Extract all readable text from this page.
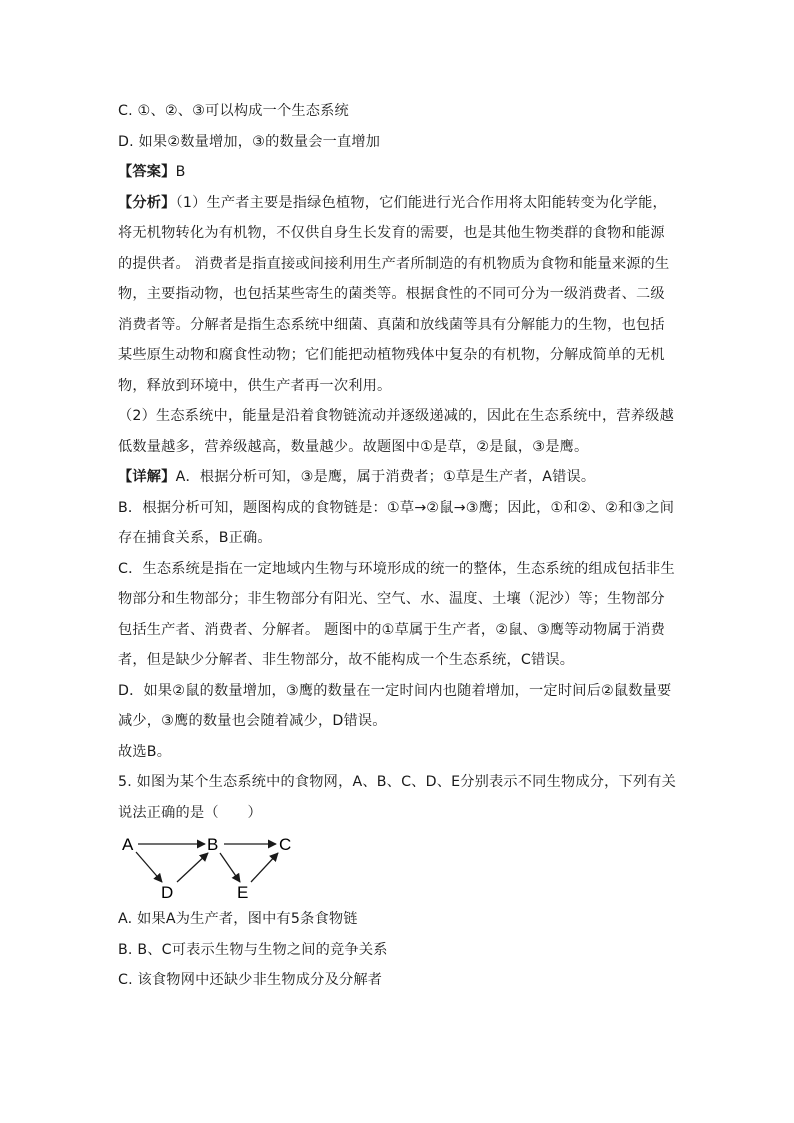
C. ①、②、③可以构成一个生态系统

D. 如果②数量增加，③的数量会一直增加

【答案】B

【分析】（1）生产者主要是指绿色植物，它们能进行光合作用将太阳能转变为化学能，将无机物转化为有机物，不仅供自身生长发育的需要，也是其他生物类群的食物和能源的提供者。 消费者是指直接或间接利用生产者所制造的有机物质为食物和能量来源的生物，主要指动物，也包括某些寄生的菌类等。根据食性的不同可分为一级消费者、二级消费者等。分解者是指生态系统中细菌、真菌和放线菌等具有分解能力的生物，也包括某些原生动物和腐食性动物；它们能把动植物残体中复杂的有机物，分解成简单的无机物，释放到环境中，供生产者再一次利用。

（2）生态系统中，能量是沿着食物链流动并逐级递减的，因此在生态系统中，营养级越低数量越多，营养级越高，数量越少。故题图中①是草，②是鼠，③是鹰。

【详解】A．根据分析可知，③是鹰，属于消费者；①草是生产者，A错误。

B．根据分析可知，题图构成的食物链是：①草→②鼠→③鹰；因此，①和②、②和③之间存在捕食关系，B正确。

C．生态系统是指在一定地域内生物与环境形成的统一的整体，生态系统的组成包括非生物部分和生物部分；非生物部分有阳光、空气、水、温度、土壤（泥沙）等；生物部分包括生产者、消费者、分解者。 题图中的①草属于生产者，②鼠、③鹰等动物属于消费者，但是缺少分解者、非生物部分，故不能构成一个生态系统，C错误。

D．如果②鼠的数量增加，③鹰的数量在一定时间内也随着增加，一定时间后②鼠数量要减少，③鹰的数量也会随着减少，D错误。

故选B。

5. 如图为某个生态系统中的食物网，A、B、C、D、E分别表示不同生物成分，下列有关说法正确的是（　　）

A	B	C
D	E

A. 如果A为生产者，图中有5条食物链

B. B、C可表示生物与生物之间的竞争关系

C. 该食物网中还缺少非生物成分及分解者
